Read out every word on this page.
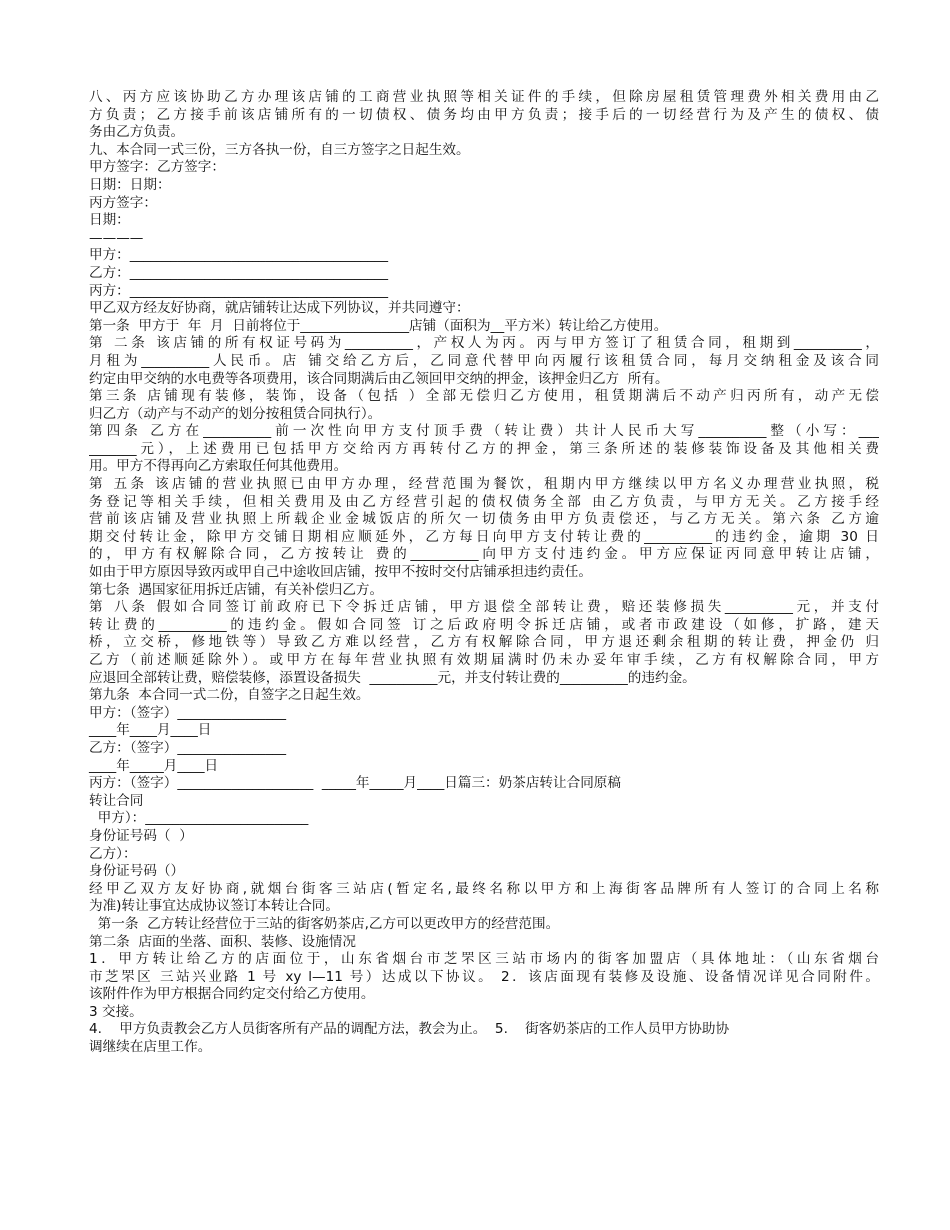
八、丙方应该协助乙方办理该店铺的工商营业执照等相关证件的手续，但除房屋租赁管理费外相关费用由乙
方负责；乙方接手前该店铺所有的一切债权、债务均由甲方负责；接手后的一切经营行为及产生的债权、债
务由乙方负责。
九、本合同一式三份，三方各执一份，自三方签字之日起生效。
甲方签字：乙方签字：
日期：日期：
丙方签字：
日期：
————
甲方：______________________________________
乙方：______________________________________
丙方：______________________________________
甲乙双方经友好协商，就店铺转让达成下列协议，并共同遵守：
第一条  甲方于  年  月  日前将位于________________店铺（面积为__平方米）转让给乙方使用。
第 二条 该店铺的所有权证号码为__________，产权人为丙。丙与甲方签订了租赁合同，租期到__________，
月租为__________人民币。店 铺交给乙方后，乙同意代替甲向丙履行该租赁合同，每月交纳租金及该合同
约定由甲交纳的水电费等各项费用，该合同期满后由乙领回甲交纳的押金，该押金归乙方  所有。
第三条 店铺现有装修，装饰，设备（包括 ）全部无偿归乙方使用，租赁期满后不动产归丙所有，动产无偿
归乙方（动产与不动产的划分按租赁合同执行）。
第四条 乙方在__________前一次性向甲方支付顶手费（转让费）共计人民币大写__________整（小写：___
_______元），上述费用已包括甲方交给丙方再转付乙方的押金，第三条所述的装修装饰设备及其他相关费
用。甲方不得再向乙方索取任何其他费用。
第 五条 该店铺的营业执照已由甲方办理，经营范围为餐饮，租期内甲方继续以甲方名义办理营业执照，税
务登记等相关手续，但相关费用及由乙方经营引起的债权债务全部 由乙方负责，与甲方无关。乙方接手经
营前该店铺及营业执照上所载企业金城饭店的所欠一切债务由甲方负责偿还，与乙方无关。第六条 乙方逾
期交付转让金，除甲方交铺日期相应顺延外，乙方每日向甲方支付转让费的__________的违约金，逾期 30 日
的，甲方有权解除合同，乙方按转让 费的__________向甲方支付违约金。甲方应保证丙同意甲转让店铺，
如由于甲方原因导致丙或甲自己中途收回店铺，按甲不按时交付店铺承担违约责任。
第七条  遇国家征用拆迁店铺，有关补偿归乙方。
第 八条 假如合同签订前政府已下令拆迁店铺，甲方退偿全部转让费，赔还装修损失__________元，并支付
转让费的__________的违约金。假如合同签 订之后政府明令拆迁店铺，或者市政建设（如修，扩路，建天
桥，立交桥，修地铁等）导致乙方难以经营，乙方有权解除合同，甲方退还剩余租期的转让费，押金仍 归
乙方（前述顺延除外）。或甲方在每年营业执照有效期届满时仍未办妥年审手续，乙方有权解除合同，甲方
应退回全部转让费，赔偿装修，添置设备损失  __________元，并支付转让费的__________的违约金。
第九条  本合同一式二份，自签字之日起生效。
甲方：（签字）________________
____年____月____日
乙方：（签字）________________
____年_____月____日
丙方：（签字）____________________  _____年_____月____日篇三：奶茶店转让合同原稿
转让合同
甲方）：________________________
身份证号码（  ）
乙方）：
身份证号码（）
经甲乙双方友好协商,就烟台街客三站店(暂定名,最终名称以甲方和上海街客品牌所有人签订的合同上名称
为准)转让事宜达成协议签订本转让合同。
第一条  乙方转让经营位于三站的街客奶茶店,乙方可以更改甲方的经营范围。
第二条  店面的坐落、面积、装修、设施情况
1．甲方转让给乙方的店面位于，山东省烟台市芝罘区三站市场内的街客加盟店（具体地址：（山东省烟台
市芝罘区 三站兴业路 1 号 xy l—11 号）达成以下协议。 2．该店面现有装修及设施、设备情况详见合同附件。
该附件作为甲方根据合同约定交付给乙方使用。
3 交接。
4.    甲方负责教会乙方人员街客所有产品的调配方法，教会为止。  5.    街客奶茶店的工作人员甲方协助协
调继续在店里工作。
